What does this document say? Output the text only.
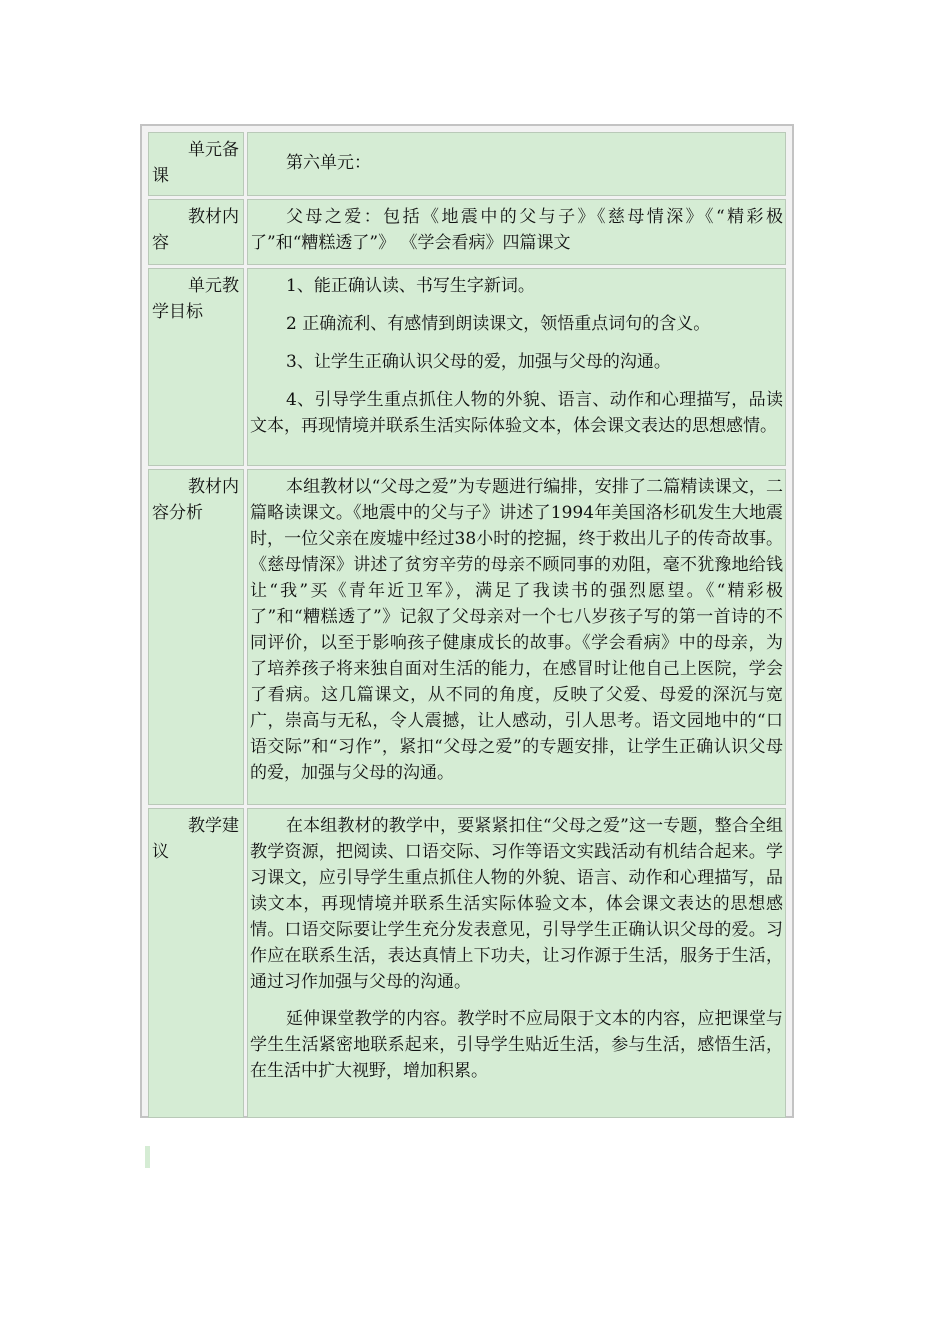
单元备课	第六单元：

教材内容	父母之爱：包括《地震中的父与子》《慈母情深》《“精彩极了”和“糟糕透了”》 《学会看病》四篇课文

单元教学目标	1、能正确认读、书写生字新词。

2 正确流利、有感情到朗读课文，领悟重点词句的含义。

3、让学生正确认识父母的爱，加强与父母的沟通。

4、引导学生重点抓住人物的外貌、语言、动作和心理描写，品读文本，再现情境并联系生活实际体验文本，体会课文表达的思想感情。

教材内容分析	本组教材以“父母之爱”为专题进行编排，安排了二篇精读课文，二篇略读课文。《地震中的父与子》讲述了1994年美国洛杉矶发生大地震时，一位父亲在废墟中经过38小时的挖掘，终于救出儿子的传奇故事。《慈母情深》讲述了贫穷辛劳的母亲不顾同事的劝阻，毫不犹豫地给钱让“我”买《青年近卫军》，满足了我读书的强烈愿望。《“精彩极了”和“糟糕透了”》记叙了父母亲对一个七八岁孩子写的第一首诗的不同评价，以至于影响孩子健康成长的故事。《学会看病》中的母亲，为了培养孩子将来独自面对生活的能力，在感冒时让他自己上医院，学会了看病。这几篇课文，从不同的角度，反映了父爱、母爱的深沉与宽广，崇高与无私，令人震撼，让人感动，引人思考。语文园地中的“口语交际”和“习作”，紧扣“父母之爱”的专题安排，让学生正确认识父母的爱，加强与父母的沟通。

教学建议	在本组教材的教学中，要紧紧扣住“父母之爱”这一专题，整合全组教学资源，把阅读、口语交际、习作等语文实践活动有机结合起来。学习课文，应引导学生重点抓住人物的外貌、语言、动作和心理描写，品读文本，再现情境并联系生活实际体验文本，体会课文表达的思想感情。口语交际要让学生充分发表意见，引导学生正确认识父母的爱。习作应在联系生活，表达真情上下功夫，让习作源于生活，服务于生活，通过习作加强与父母的沟通。

延伸课堂教学的内容。教学时不应局限于文本的内容，应把课堂与学生生活紧密地联系起来，引导学生贴近生活，参与生活，感悟生活，在生活中扩大视野，增加积累。
